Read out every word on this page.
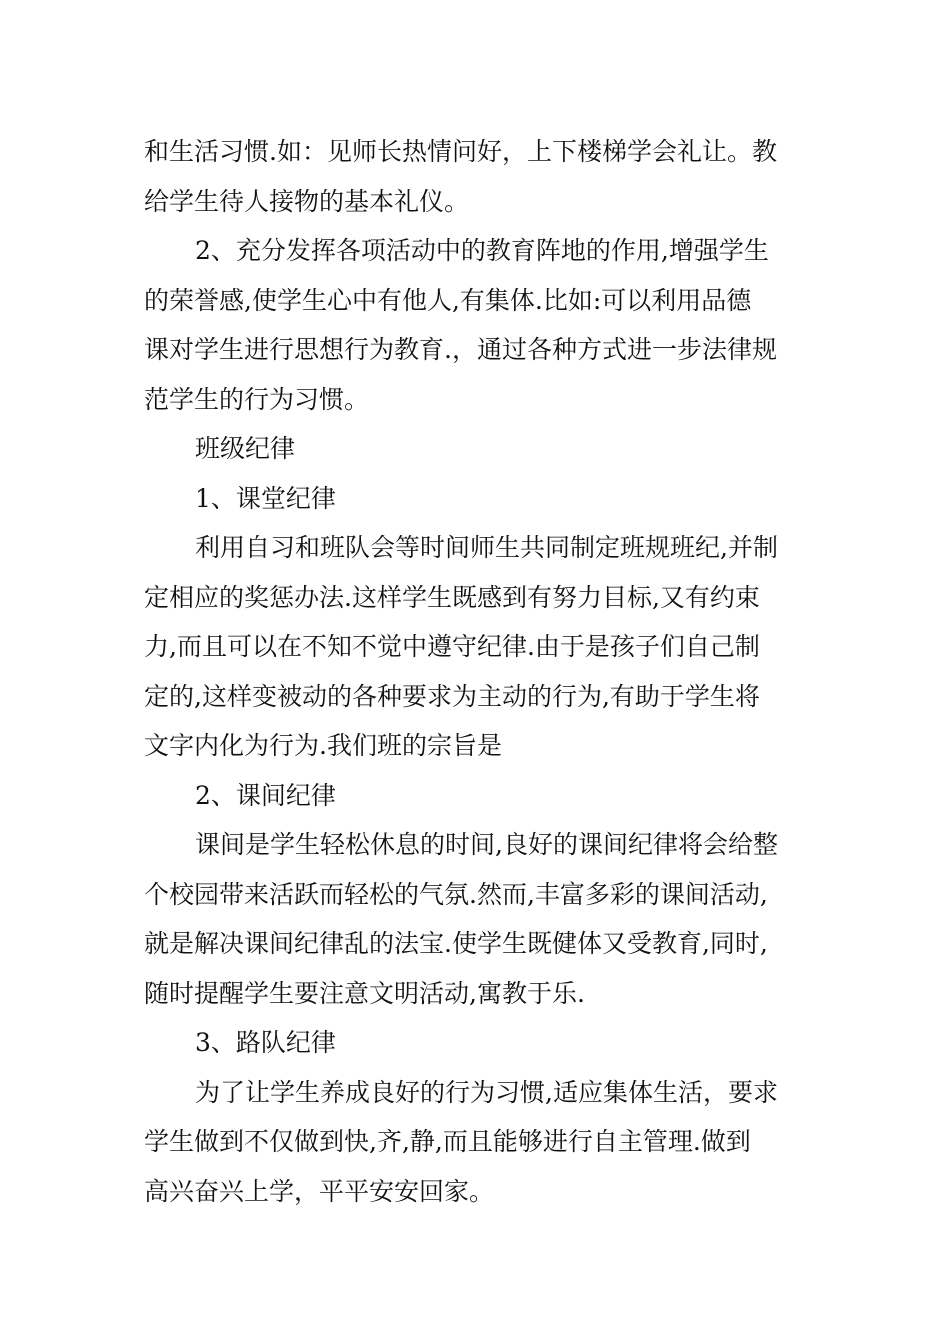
和生活习惯.如：见师长热情问好，上下楼梯学会礼让。教
给学生待人接物的基本礼仪。
2、充分发挥各项活动中的教育阵地的作用,增强学生
的荣誉感,使学生心中有他人,有集体.比如:可以利用品德
课对学生进行思想行为教育.，通过各种方式进一步法律规
范学生的行为习惯。
班级纪律
1、课堂纪律
利用自习和班队会等时间师生共同制定班规班纪,并制
定相应的奖惩办法.这样学生既感到有努力目标,又有约束
力,而且可以在不知不觉中遵守纪律.由于是孩子们自己制
定的,这样变被动的各种要求为主动的行为,有助于学生将
文字内化为行为.我们班的宗旨是
2、课间纪律
课间是学生轻松休息的时间,良好的课间纪律将会给整
个校园带来活跃而轻松的气氛.然而,丰富多彩的课间活动,
就是解决课间纪律乱的法宝.使学生既健体又受教育,同时,
随时提醒学生要注意文明活动,寓教于乐.
3、路队纪律
为了让学生养成良好的行为习惯,适应集体生活，要求
学生做到不仅做到快,齐,静,而且能够进行自主管理.做到
高兴奋兴上学，平平安安回家。
